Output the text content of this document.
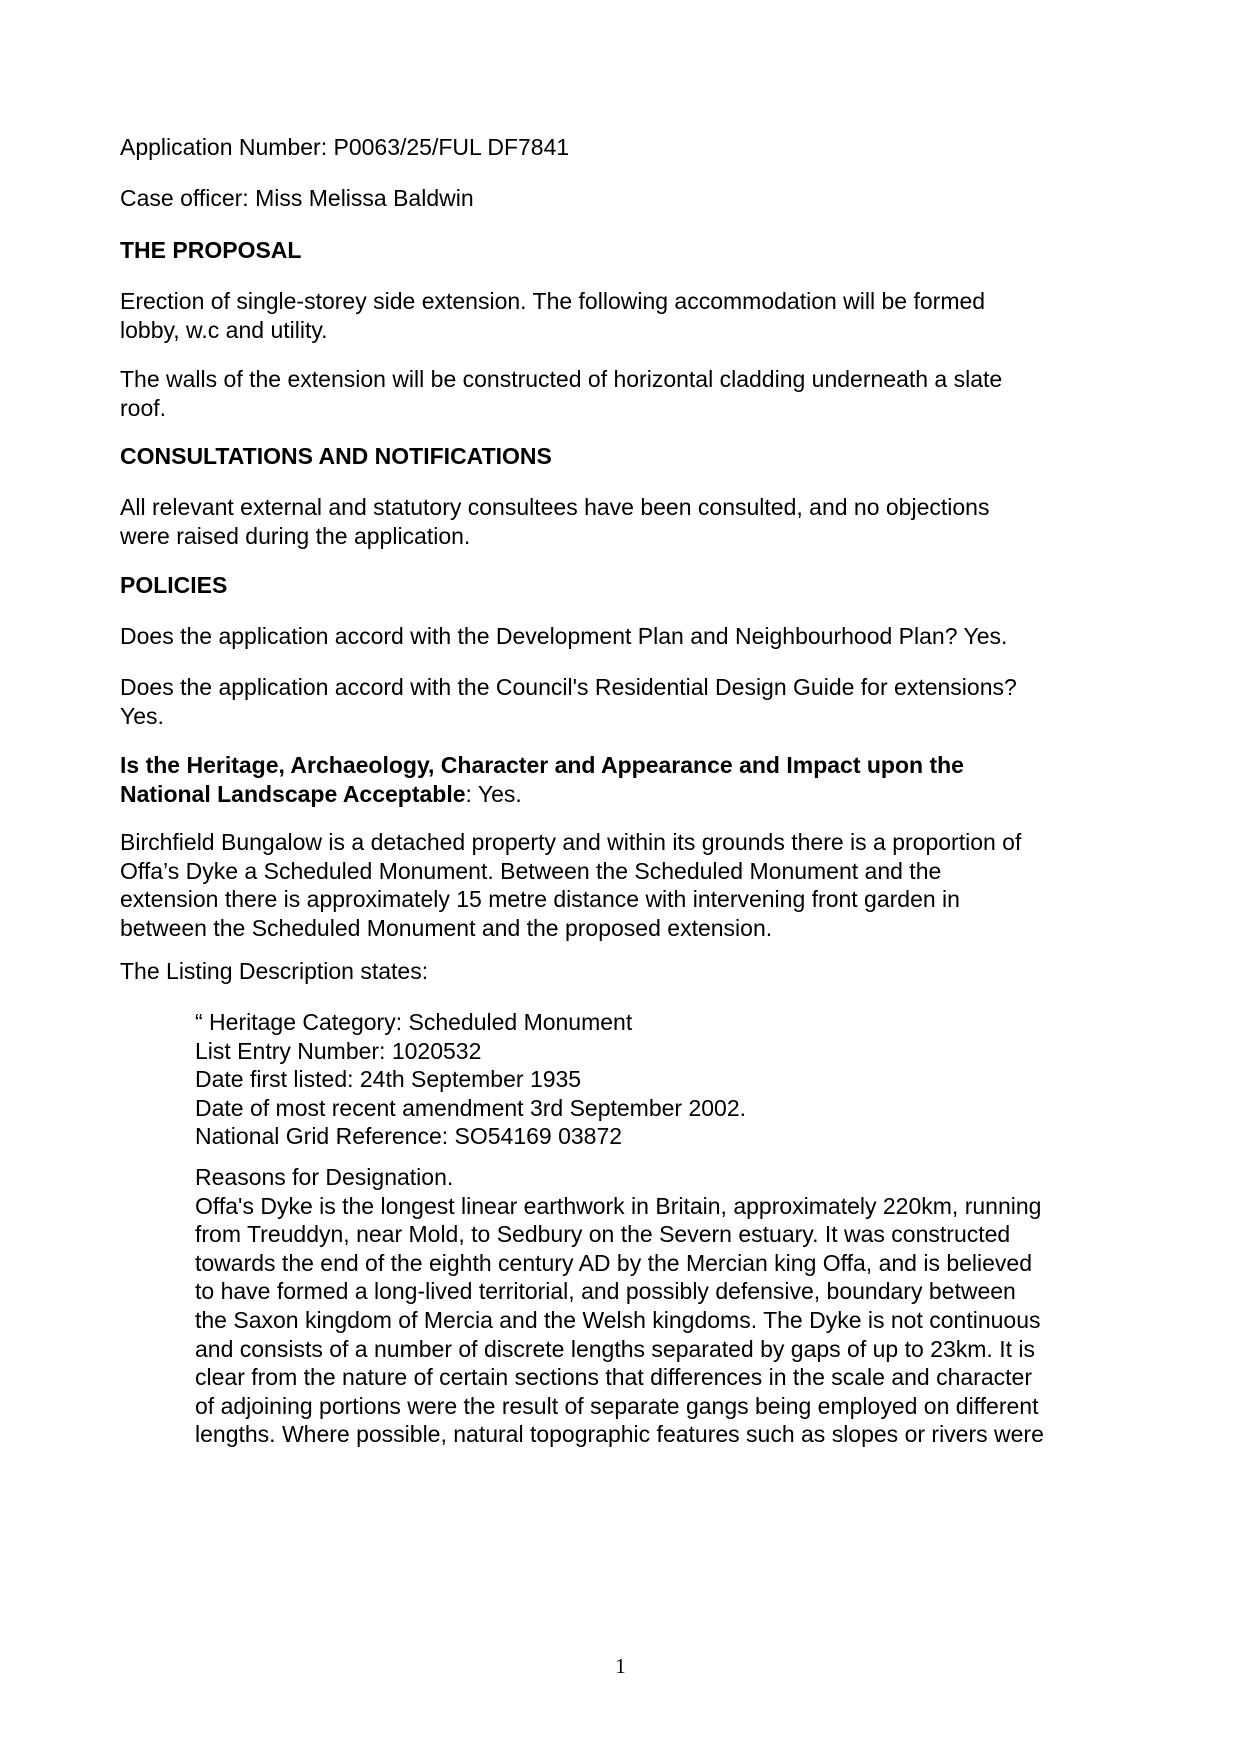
Application Number: P0063/25/FUL DF7841

Case officer: Miss Melissa Baldwin

THE PROPOSAL

Erection of single-storey side extension. The following accommodation will be formed
lobby, w.c and utility.

The walls of the extension will be constructed of horizontal cladding underneath a slate
roof.

CONSULTATIONS AND NOTIFICATIONS

All relevant external and statutory consultees have been consulted, and no objections
were raised during the application.

POLICIES

Does the application accord with the Development Plan and Neighbourhood Plan? Yes.

Does the application accord with the Council's Residential Design Guide for extensions?
Yes.

Is the Heritage, Archaeology, Character and Appearance and Impact upon the
National Landscape Acceptable: Yes.

Birchfield Bungalow is a detached property and within its grounds there is a proportion of
Offa’s Dyke a Scheduled Monument. Between the Scheduled Monument and the
extension there is approximately 15 metre distance with intervening front garden in
between the Scheduled Monument and the proposed extension.

The Listing Description states:

“ Heritage Category: Scheduled Monument
List Entry Number: 1020532
Date first listed: 24th September 1935
Date of most recent amendment 3rd September 2002.
National Grid Reference: SO54169 03872

Reasons for Designation.
Offa's Dyke is the longest linear earthwork in Britain, approximately 220km, running
from Treuddyn, near Mold, to Sedbury on the Severn estuary. It was constructed
towards the end of the eighth century AD by the Mercian king Offa, and is believed
to have formed a long-lived territorial, and possibly defensive, boundary between
the Saxon kingdom of Mercia and the Welsh kingdoms. The Dyke is not continuous
and consists of a number of discrete lengths separated by gaps of up to 23km. It is
clear from the nature of certain sections that differences in the scale and character
of adjoining portions were the result of separate gangs being employed on different
lengths. Where possible, natural topographic features such as slopes or rivers were

1
